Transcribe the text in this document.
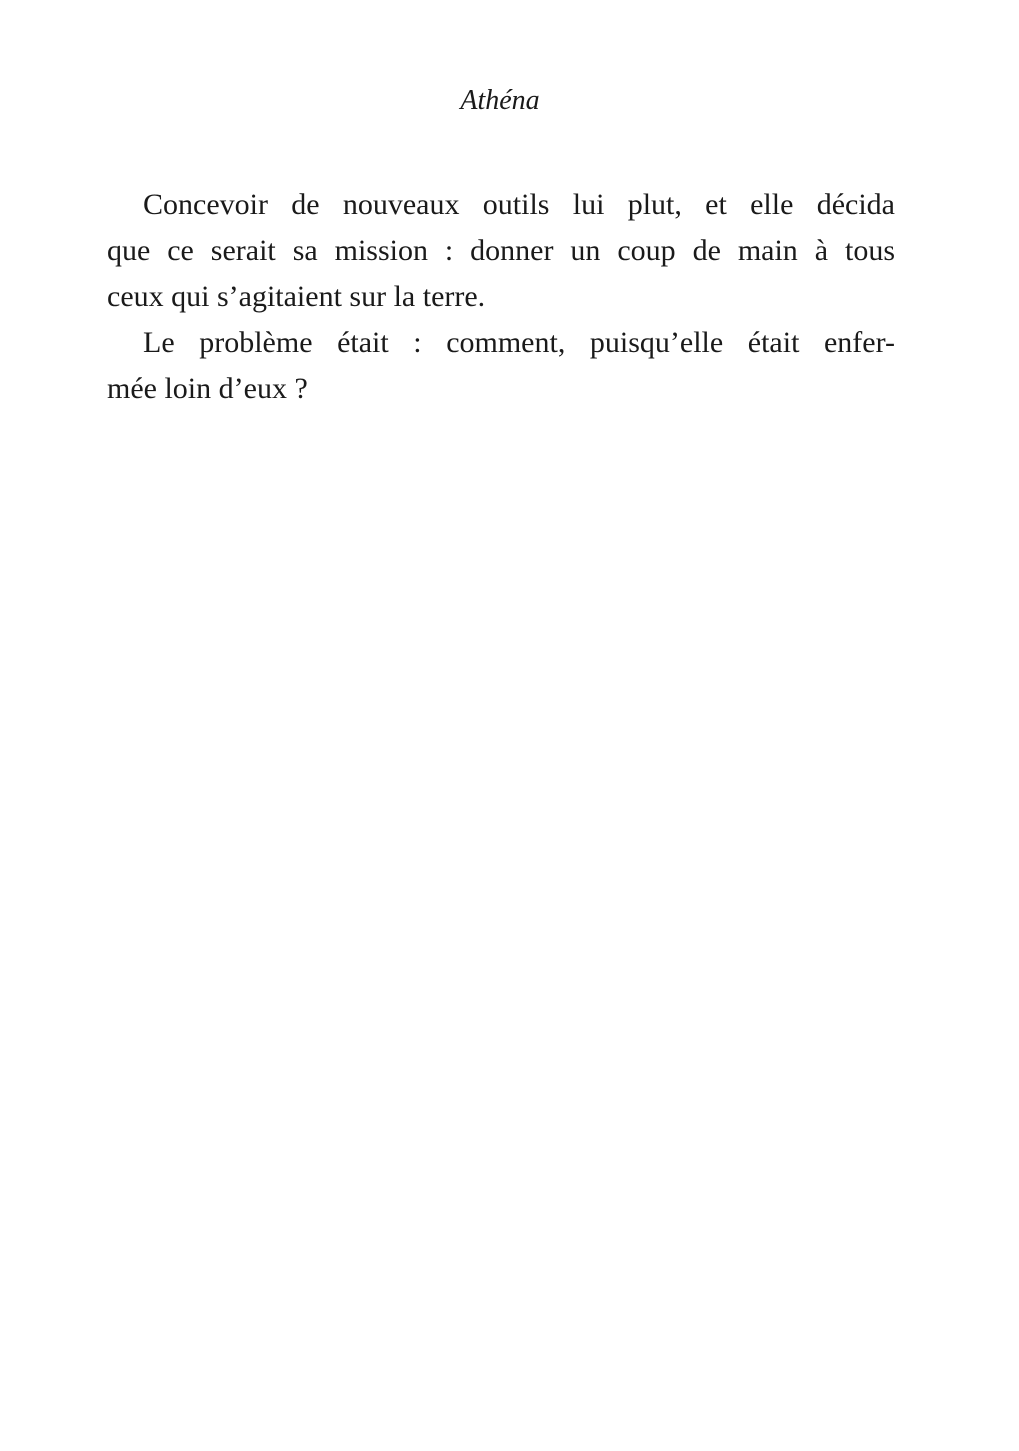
Athéna

Concevoir de nouveaux outils lui plut, et elle décida
que ce serait sa mission : donner un coup de main à tous
ceux qui s’agitaient sur la terre.

Le problème était : comment, puisqu’elle était enfer-
mée loin d’eux ?
